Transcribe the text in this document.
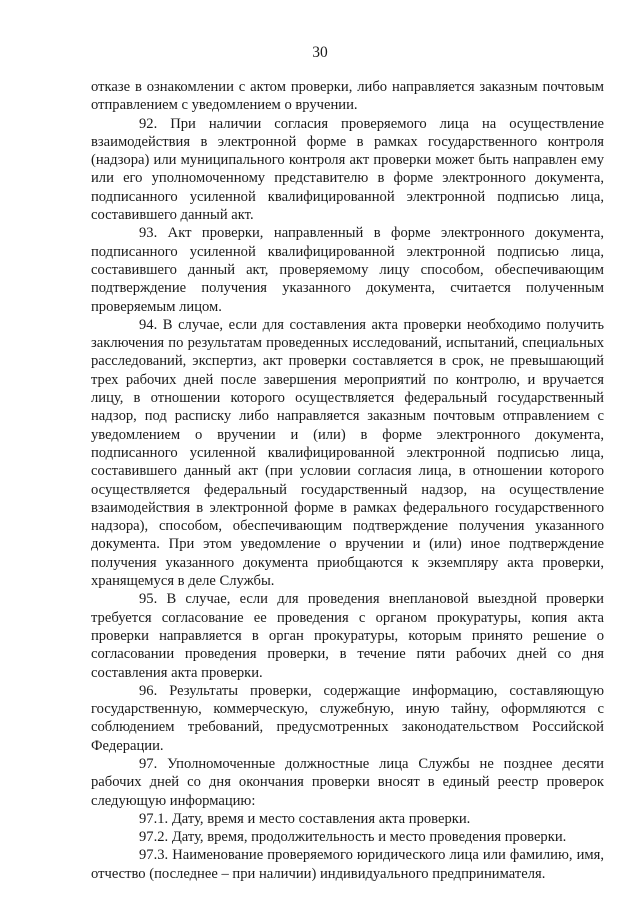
30

отказе в ознакомлении с актом проверки, либо направляется заказным почтовым отправлением с уведомлением о вручении.

92. При наличии согласия проверяемого лица на осуществление взаимодействия в электронной форме в рамках государственного контроля (надзора) или муниципального контроля акт проверки может быть направлен ему или его уполномоченному представителю в форме электронного документа, подписанного усиленной квалифицированной электронной подписью лица, составившего данный акт.

93. Акт проверки, направленный в форме электронного документа, подписанного усиленной квалифицированной электронной подписью лица, составившего данный акт, проверяемому лицу способом, обеспечивающим подтверждение получения указанного документа, считается полученным проверяемым лицом.

94. В случае, если для составления акта проверки необходимо получить заключения по результатам проведенных исследований, испытаний, специальных расследований, экспертиз, акт проверки составляется в срок, не превышающий трех рабочих дней после завершения мероприятий по контролю, и вручается лицу, в отношении которого осуществляется федеральный государственный надзор, под расписку либо направляется заказным почтовым отправлением с уведомлением о вручении и (или) в форме электронного документа, подписанного усиленной квалифицированной электронной подписью лица, составившего данный акт (при условии согласия лица, в отношении которого осуществляется федеральный государственный надзор, на осуществление взаимодействия в электронной форме в рамках федерального государственного надзора), способом, обеспечивающим подтверждение получения указанного документа. При этом уведомление о вручении и (или) иное подтверждение получения указанного документа приобщаются к экземпляру акта проверки, хранящемуся в деле Службы.

95. В случае, если для проведения внеплановой выездной проверки требуется согласование ее проведения с органом прокуратуры, копия акта проверки направляется в орган прокуратуры, которым принято решение о согласовании проведения проверки, в течение пяти рабочих дней со дня составления акта проверки.

96. Результаты проверки, содержащие информацию, составляющую государственную, коммерческую, служебную, иную тайну, оформляются с соблюдением требований, предусмотренных законодательством Российской Федерации.

97. Уполномоченные должностные лица Службы не позднее десяти рабочих дней со дня окончания проверки вносят в единый реестр проверок следующую информацию:

97.1. Дату, время и место составления акта проверки.

97.2. Дату, время, продолжительность и место проведения проверки.

97.3. Наименование проверяемого юридического лица или фамилию, имя, отчество (последнее – при наличии) индивидуального предпринимателя.
